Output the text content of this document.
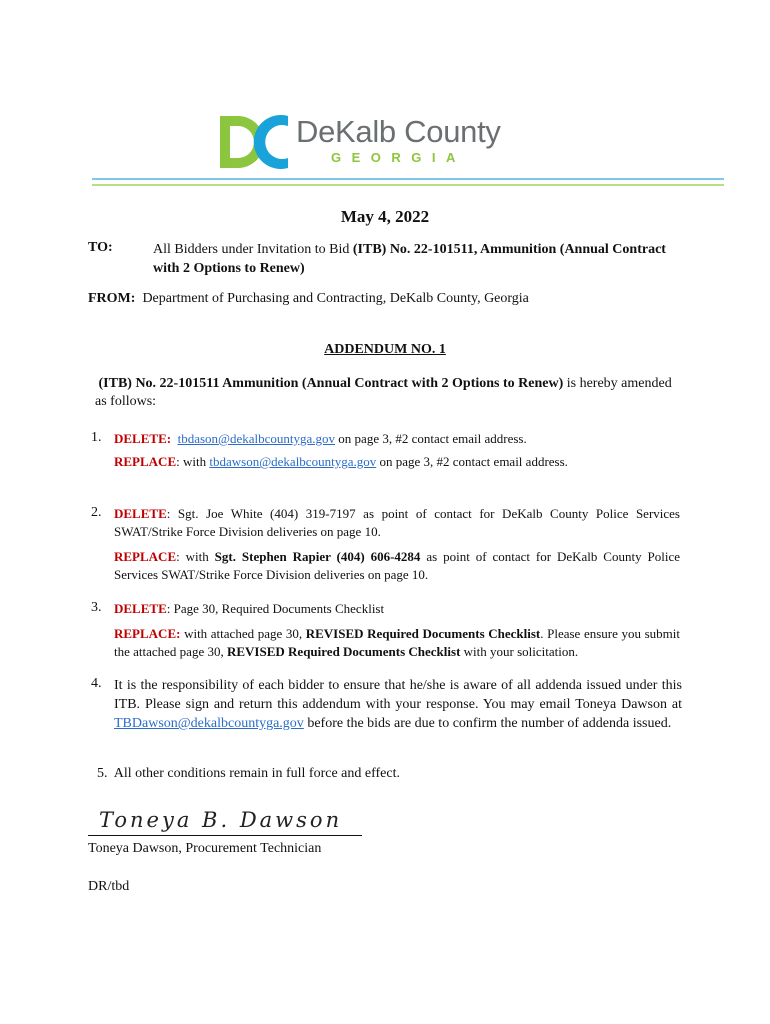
DeKalb County
GEORGIA
May 4, 2022
TO:	All Bidders under Invitation to Bid (ITB) No. 22-101511, Ammunition (Annual Contract with 2 Options to Renew)
FROM: Department of Purchasing and Contracting, DeKalb County, Georgia
ADDENDUM NO. 1
(ITB) No. 22-101511 Ammunition (Annual Contract with 2 Options to Renew) is hereby amended as follows:
1. DELETE: tbdason@dekalbcountyga.gov on page 3, #2 contact email address.
REPLACE: with tbdawson@dekalbcountyga.gov on page 3, #2 contact email address.
2. DELETE: Sgt. Joe White (404) 319-7197 as point of contact for DeKalb County Police Services SWAT/Strike Force Division deliveries on page 10.
REPLACE: with Sgt. Stephen Rapier (404) 606-4284 as point of contact for DeKalb County Police Services SWAT/Strike Force Division deliveries on page 10.
3. DELETE: Page 30, Required Documents Checklist
REPLACE: with attached page 30, REVISED Required Documents Checklist. Please ensure you submit the attached page 30, REVISED Required Documents Checklist with your solicitation.
4. It is the responsibility of each bidder to ensure that he/she is aware of all addenda issued under this ITB. Please sign and return this addendum with your response. You may email Toneya Dawson at TBDawson@dekalbcountyga.gov before the bids are due to confirm the number of addenda issued.
5. All other conditions remain in full force and effect.
Toneya B. Dawson
Toneya Dawson, Procurement Technician
DR/tbd
